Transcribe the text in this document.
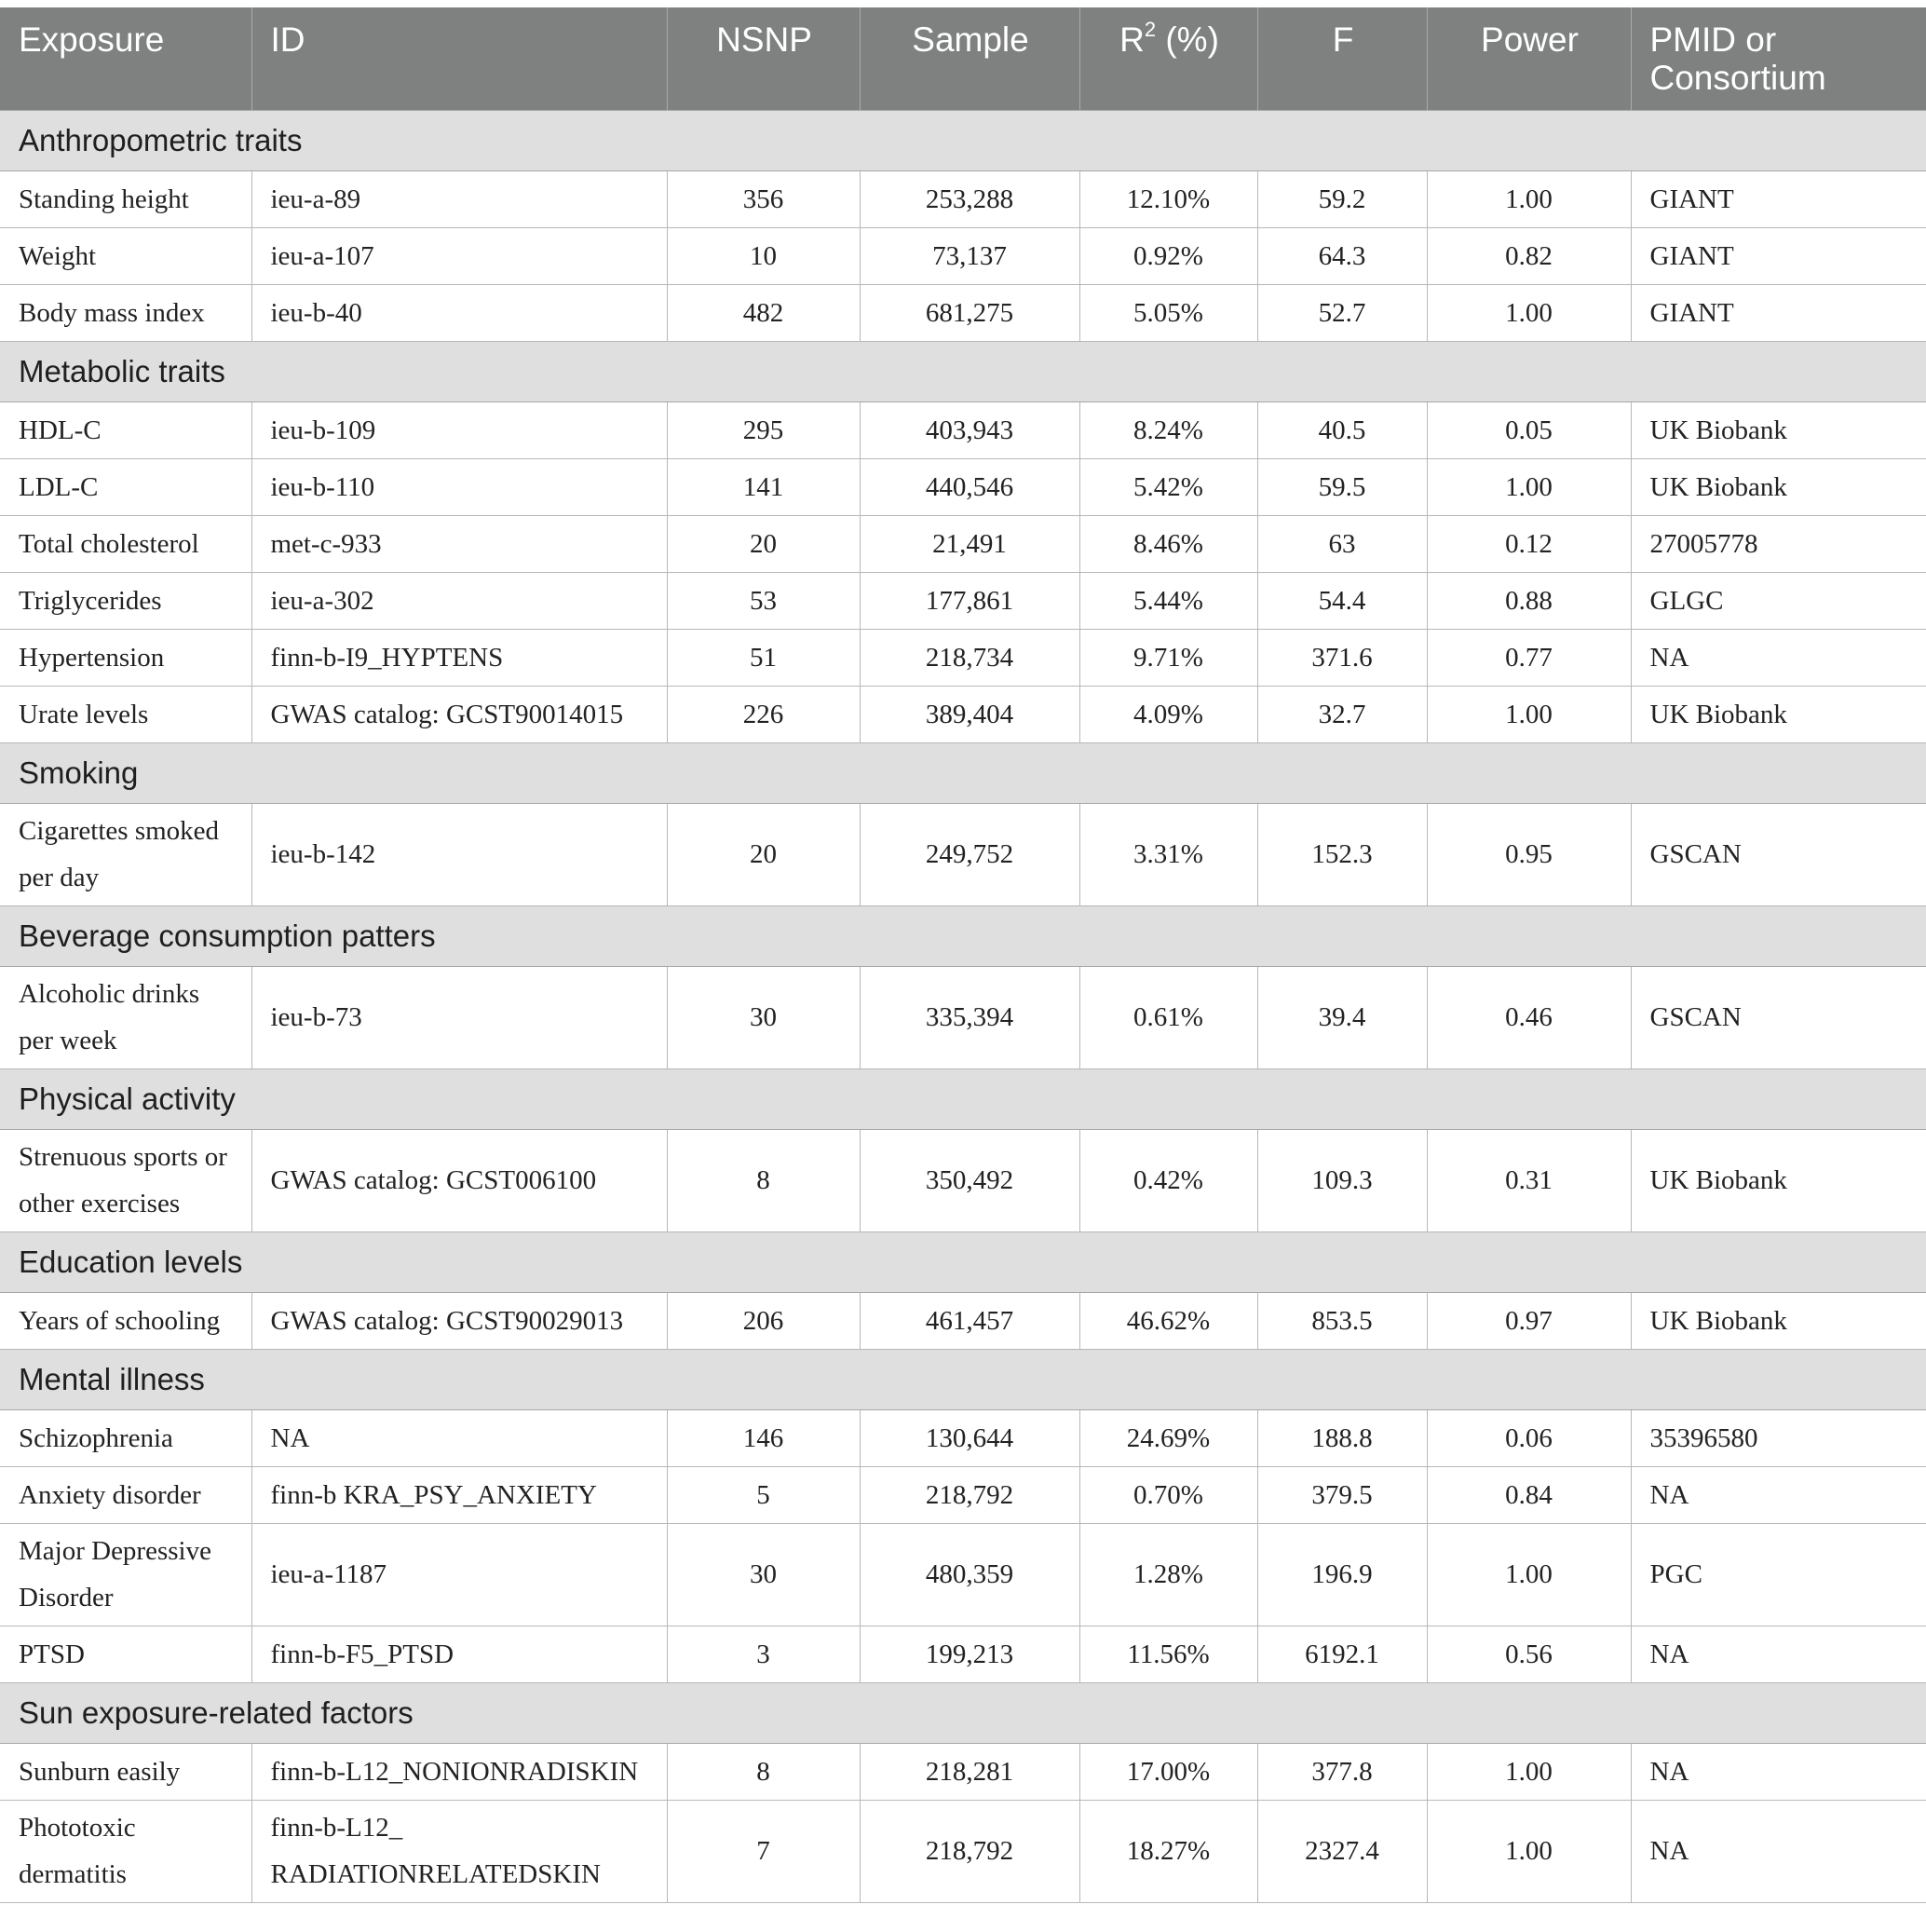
Exposure	ID	NSNP	Sample	$R^2$ (%)	F	Power	PMID or Consortium
Anthropometric traits							
Standing height	ieu-a-89	356	253,288	12.10%	59.2	1.00	GIANT
Weight	ieu-a-107	10	73,137	0.92%	64.3	0.82	GIANT
Body mass index	ieu-b-40	482	681,275	5.05%	52.7	1.00	GIANT
Metabolic traits							
HDL-C	ieu-b-109	295	403,943	8.24%	40.5	0.05	UK Biobank
LDL-C	ieu-b-110	141	440,546	5.42%	59.5	1.00	UK Biobank
Total cholesterol	met-c-933	20	21,491	8.46%	63	0.12	27005778
Triglycerides	ieu-a-302	53	177,861	5.44%	54.4	0.88	GLGC
Hypertension	finn-b-I9_HYPTENS	51	218,734	9.71%	371.6	0.77	NA
Urate levels	GWAS catalog: GCST90014015	226	389,404	4.09%	32.7	1.00	UK Biobank
Smoking							
Cigarettes smoked per day	ieu-b-142	20	249,752	3.31%	152.3	0.95	GSCAN
Beverage consumption patters							
Alcoholic drinks per week	ieu-b-73	30	335,394	0.61%	39.4	0.46	GSCAN
Physical activity							
Strenuous sports or other exercises	GWAS catalog: GCST006100	8	350,492	0.42%	109.3	0.31	UK Biobank
Education levels							
Years of schooling	GWAS catalog: GCST90029013	206	461,457	46.62%	853.5	0.97	UK Biobank
Mental illness							
Schizophrenia	NA	146	130,644	24.69%	188.8	0.06	35396580
Anxiety disorder	finn-b KRA_PSY_ANXIETY	5	218,792	0.70%	379.5	0.84	NA
Major Depressive Disorder	ieu-a-1187	30	480,359	1.28%	196.9	1.00	PGC
PTSD	finn-b-F5_PTSD	3	199,213	11.56%	6192.1	0.56	NA
Sun exposure-related factors							
Sunburn easily	finn-b-L12_NONIONRADISKIN	8	218,281	17.00%	377.8	1.00	NA
Phototoxic dermatitis	finn-b-L12_ RADIATIONRELATEDSKIN	7	218,792	18.27%	2327.4	1.00	NA
